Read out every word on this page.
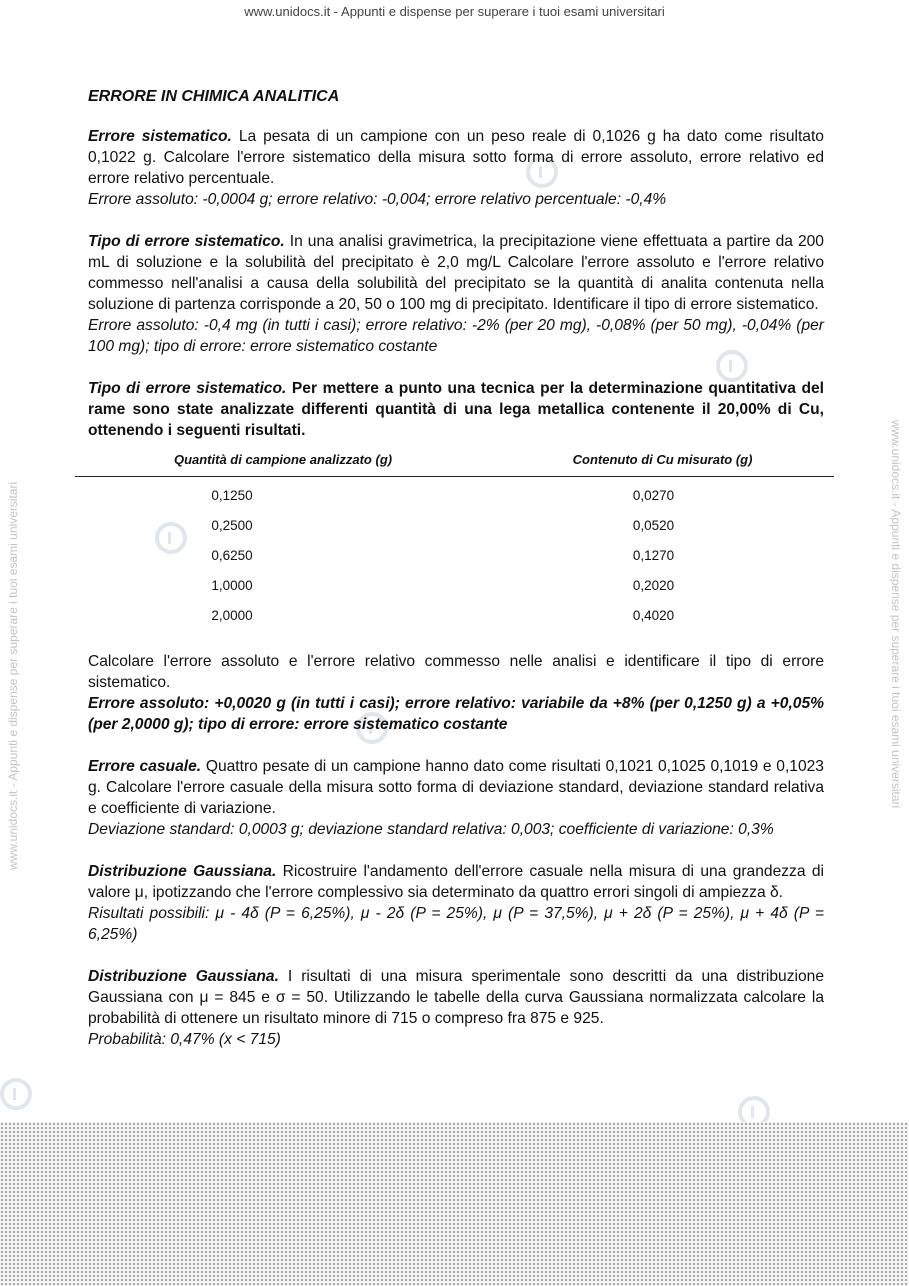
www.unidocs.it - Appunti e dispense per superare i tuoi esami universitari
www.unidocs.it - Appunti e dispense per superare i tuoi esami universitari	www.unidocs.it - Appunti e dispense per superare i tuoi esami universitari
ERRORE IN CHIMICA ANALITICA

Errore sistematico. La pesata di un campione con un peso reale di 0,1026 g ha dato come risultato 0,1022 g. Calcolare l'errore sistematico della misura sotto forma di errore assoluto, errore relativo ed errore relativo percentuale.

Errore assoluto: -0,0004 g; errore relativo: -0,004; errore relativo percentuale: -0,4%

Tipo di errore sistematico. In una analisi gravimetrica, la precipitazione viene effettuata a partire da 200 mL di soluzione e la solubilità del precipitato è 2,0 mg/L Calcolare l'errore assoluto e l'errore relativo commesso nell'analisi a causa della solubilità del precipitato se la quantità di analita contenuta nella soluzione di partenza corrisponde a 20, 50 o 100 mg di precipitato. Identificare il tipo di errore sistematico.

Errore assoluto: -0,4 mg (in tutti i casi); errore relativo: -2% (per 20 mg), -0,08% (per 50 mg), -0,04% (per 100 mg); tipo di errore: errore sistematico costante

Tipo di errore sistematico. Per mettere a punto una tecnica per la determinazione quantitativa del rame sono state analizzate differenti quantità di una lega metallica contenente il 20,00% di Cu, ottenendo i seguenti risultati.

Quantità di campione analizzato (g)	Contenuto di Cu misurato (g)
0,1250	0,0270
0,2500	0,0520
0,6250	0,1270
1,0000	0,2020
2,0000	0,4020

Calcolare l'errore assoluto e l'errore relativo commesso nelle analisi e identificare il tipo di errore sistematico.

Errore assoluto: +0,0020 g (in tutti i casi); errore relativo: variabile da +8% (per 0,1250 g) a +0,05% (per 2,0000 g); tipo di errore: errore sistematico costante

Errore casuale. Quattro pesate di un campione hanno dato come risultati 0,1021 0,1025 0,1019 e 0,1023 g. Calcolare l'errore casuale della misura sotto forma di deviazione standard, deviazione standard relativa e coefficiente di variazione.

Deviazione standard: 0,0003 g; deviazione standard relativa: 0,003; coefficiente di variazione: 0,3%

Distribuzione Gaussiana. Ricostruire l'andamento dell'errore casuale nella misura di una grandezza di valore μ, ipotizzando che l'errore complessivo sia determinato da quattro errori singoli di ampiezza δ.

Risultati possibili: μ - 4δ (P = 6,25%), μ - 2δ (P = 25%), μ (P = 37,5%), μ + 2δ (P = 25%), μ + 4δ (P = 6,25%)

Distribuzione Gaussiana. I risultati di una misura sperimentale sono descritti da una distribuzione Gaussiana con μ = 845 e σ = 50. Utilizzando le tabelle della curva Gaussiana normalizzata calcolare la probabilità di ottenere un risultato minore di 715 o compreso fra 875 e 925.

Probabilità: 0,47% (x < 715)
